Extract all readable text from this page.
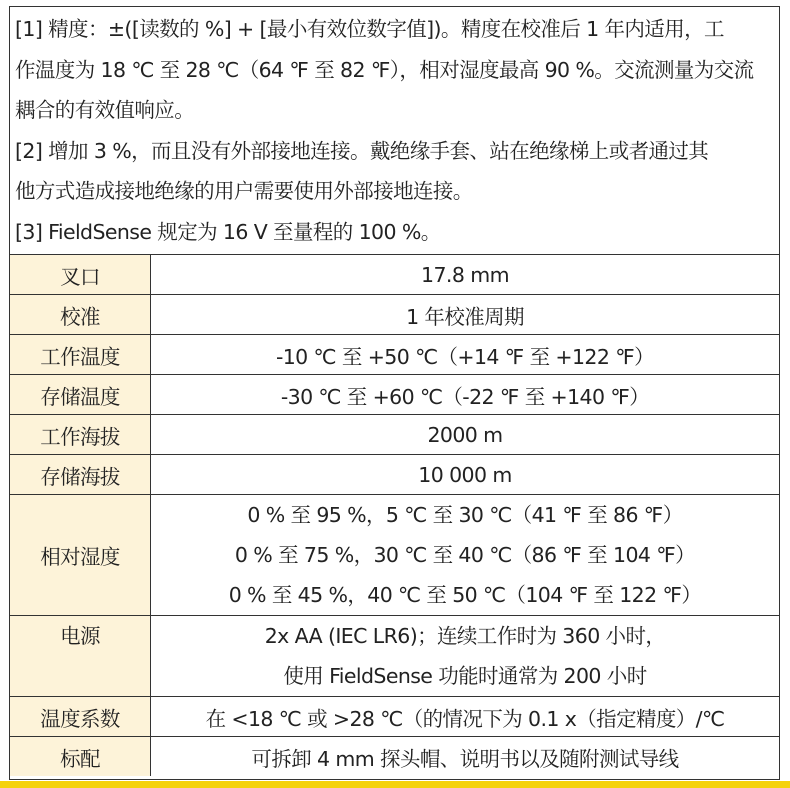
[1] 精度：±([读数的 %] + [最小有效位数字值])。精度在校准后 1 年内适用，工
作温度为 18 ℃ 至 28 ℃（64 ℉ 至 82 ℉），相对湿度最高 90 %。交流测量为交流
耦合的有效值响应。
[2] 增加 3 %，而且没有外部接地连接。戴绝缘手套、站在绝缘梯上或者通过其
他方式造成接地绝缘的用户需要使用外部接地连接。
[3] FieldSense 规定为 16 V 至量程的 100 %。
叉口	17.8 mm
校准	1 年校准周期
工作温度	-10 ℃ 至 +50 ℃（+14 ℉ 至 +122 ℉）
存储温度	-30 ℃ 至 +60 ℃（-22 ℉ 至 +140 ℉）
工作海拔	2000 m
存储海拔	10 000 m
相对湿度	0 % 至 95 %，5 ℃ 至 30 ℃（41 ℉ 至 86 ℉）
0 % 至 75 %，30 ℃ 至 40 ℃（86 ℉ 至 104 ℉）
0 % 至 45 %，40 ℃ 至 50 ℃（104 ℉ 至 122 ℉）

电源	2x AA (IEC LR6)；连续工作时为 360 小时，
使用 FieldSense 功能时通常为 200 小时

温度系数	在 <18 ℃ 或 >28 ℃（的情况下为 0.1 x（指定精度）/℃
标配	可拆卸 4 mm 探头帽、说明书以及随附测试导线
